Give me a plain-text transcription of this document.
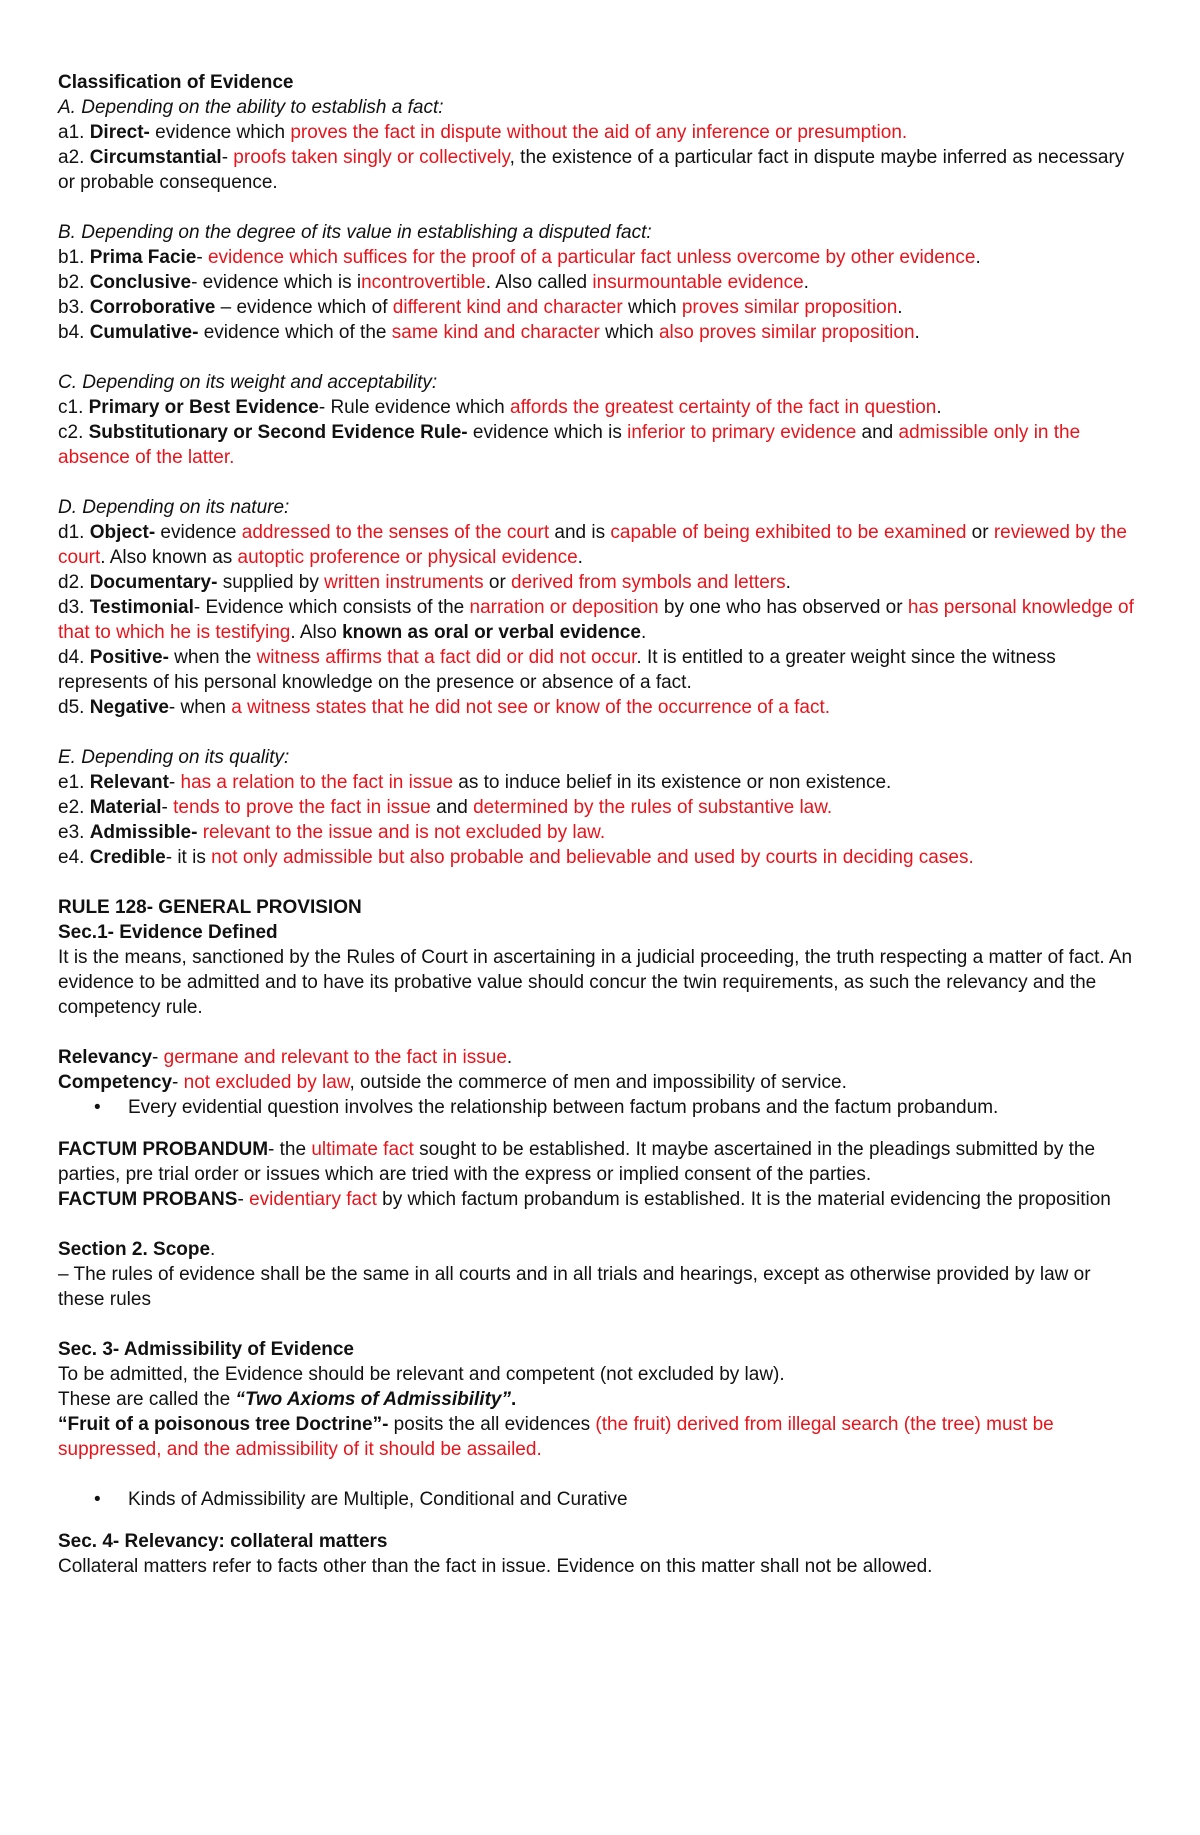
Classification of Evidence
A. Depending on the ability to establish a fact:
a1. Direct- evidence which proves the fact in dispute without the aid of any inference or presumption.
a2. Circumstantial- proofs taken singly or collectively, the existence of a particular fact in dispute maybe inferred as necessary or probable consequence.
B. Depending on the degree of its value in establishing a disputed fact:
b1. Prima Facie- evidence which suffices for the proof of a particular fact unless overcome by other evidence.
b2. Conclusive- evidence which is incontrovertible. Also called insurmountable evidence.
b3. Corroborative – evidence which of different kind and character which proves similar proposition.
b4. Cumulative- evidence which of the same kind and character which also proves similar proposition.
C. Depending on its weight and acceptability:
c1. Primary or Best Evidence- Rule evidence which affords the greatest certainty of the fact in question.
c2. Substitutionary or Second Evidence Rule- evidence which is inferior to primary evidence and admissible only in the absence of the latter.
D. Depending on its nature:
d1. Object- evidence addressed to the senses of the court and is capable of being exhibited to be examined or reviewed by the court. Also known as autoptic proference or physical evidence.
d2. Documentary- supplied by written instruments or derived from symbols and letters.
d3. Testimonial- Evidence which consists of the narration or deposition by one who has observed or has personal knowledge of that to which he is testifying. Also known as oral or verbal evidence.
d4. Positive- when the witness affirms that a fact did or did not occur. It is entitled to a greater weight since the witness represents of his personal knowledge on the presence or absence of a fact.
d5. Negative- when a witness states that he did not see or know of the occurrence of a fact.
E. Depending on its quality:
e1. Relevant- has a relation to the fact in issue as to induce belief in its existence or non existence.
e2. Material- tends to prove the fact in issue and determined by the rules of substantive law.
e3. Admissible- relevant to the issue and is not excluded by law.
e4. Credible- it is not only admissible but also probable and believable and used by courts in deciding cases.
RULE 128- GENERAL PROVISION
Sec.1- Evidence Defined
It is the means, sanctioned by the Rules of Court in ascertaining in a judicial proceeding, the truth respecting a matter of fact. An evidence to be admitted and to have its probative value should concur the twin requirements, as such the relevancy and the competency rule.
Relevancy- germane and relevant to the fact in issue.
Competency- not excluded by law, outside the commerce of men and impossibility of service.
• Every evidential question involves the relationship between factum probans and the factum probandum.
FACTUM PROBANDUM- the ultimate fact sought to be established. It maybe ascertained in the pleadings submitted by the parties, pre trial order or issues which are tried with the express or implied consent of the parties.
FACTUM PROBANS- evidentiary fact by which factum probandum is established. It is the material evidencing the proposition
Section 2. Scope.
– The rules of evidence shall be the same in all courts and in all trials and hearings, except as otherwise provided by law or these rules
Sec. 3- Admissibility of Evidence
To be admitted, the Evidence should be relevant and competent (not excluded by law).
These are called the “Two Axioms of Admissibility”.
“Fruit of a poisonous tree Doctrine”- posits the all evidences (the fruit) derived from illegal search (the tree) must be suppressed, and the admissibility of it should be assailed.
• Kinds of Admissibility are Multiple, Conditional and Curative
Sec. 4- Relevancy: collateral matters
Collateral matters refer to facts other than the fact in issue. Evidence on this matter shall not be allowed.
